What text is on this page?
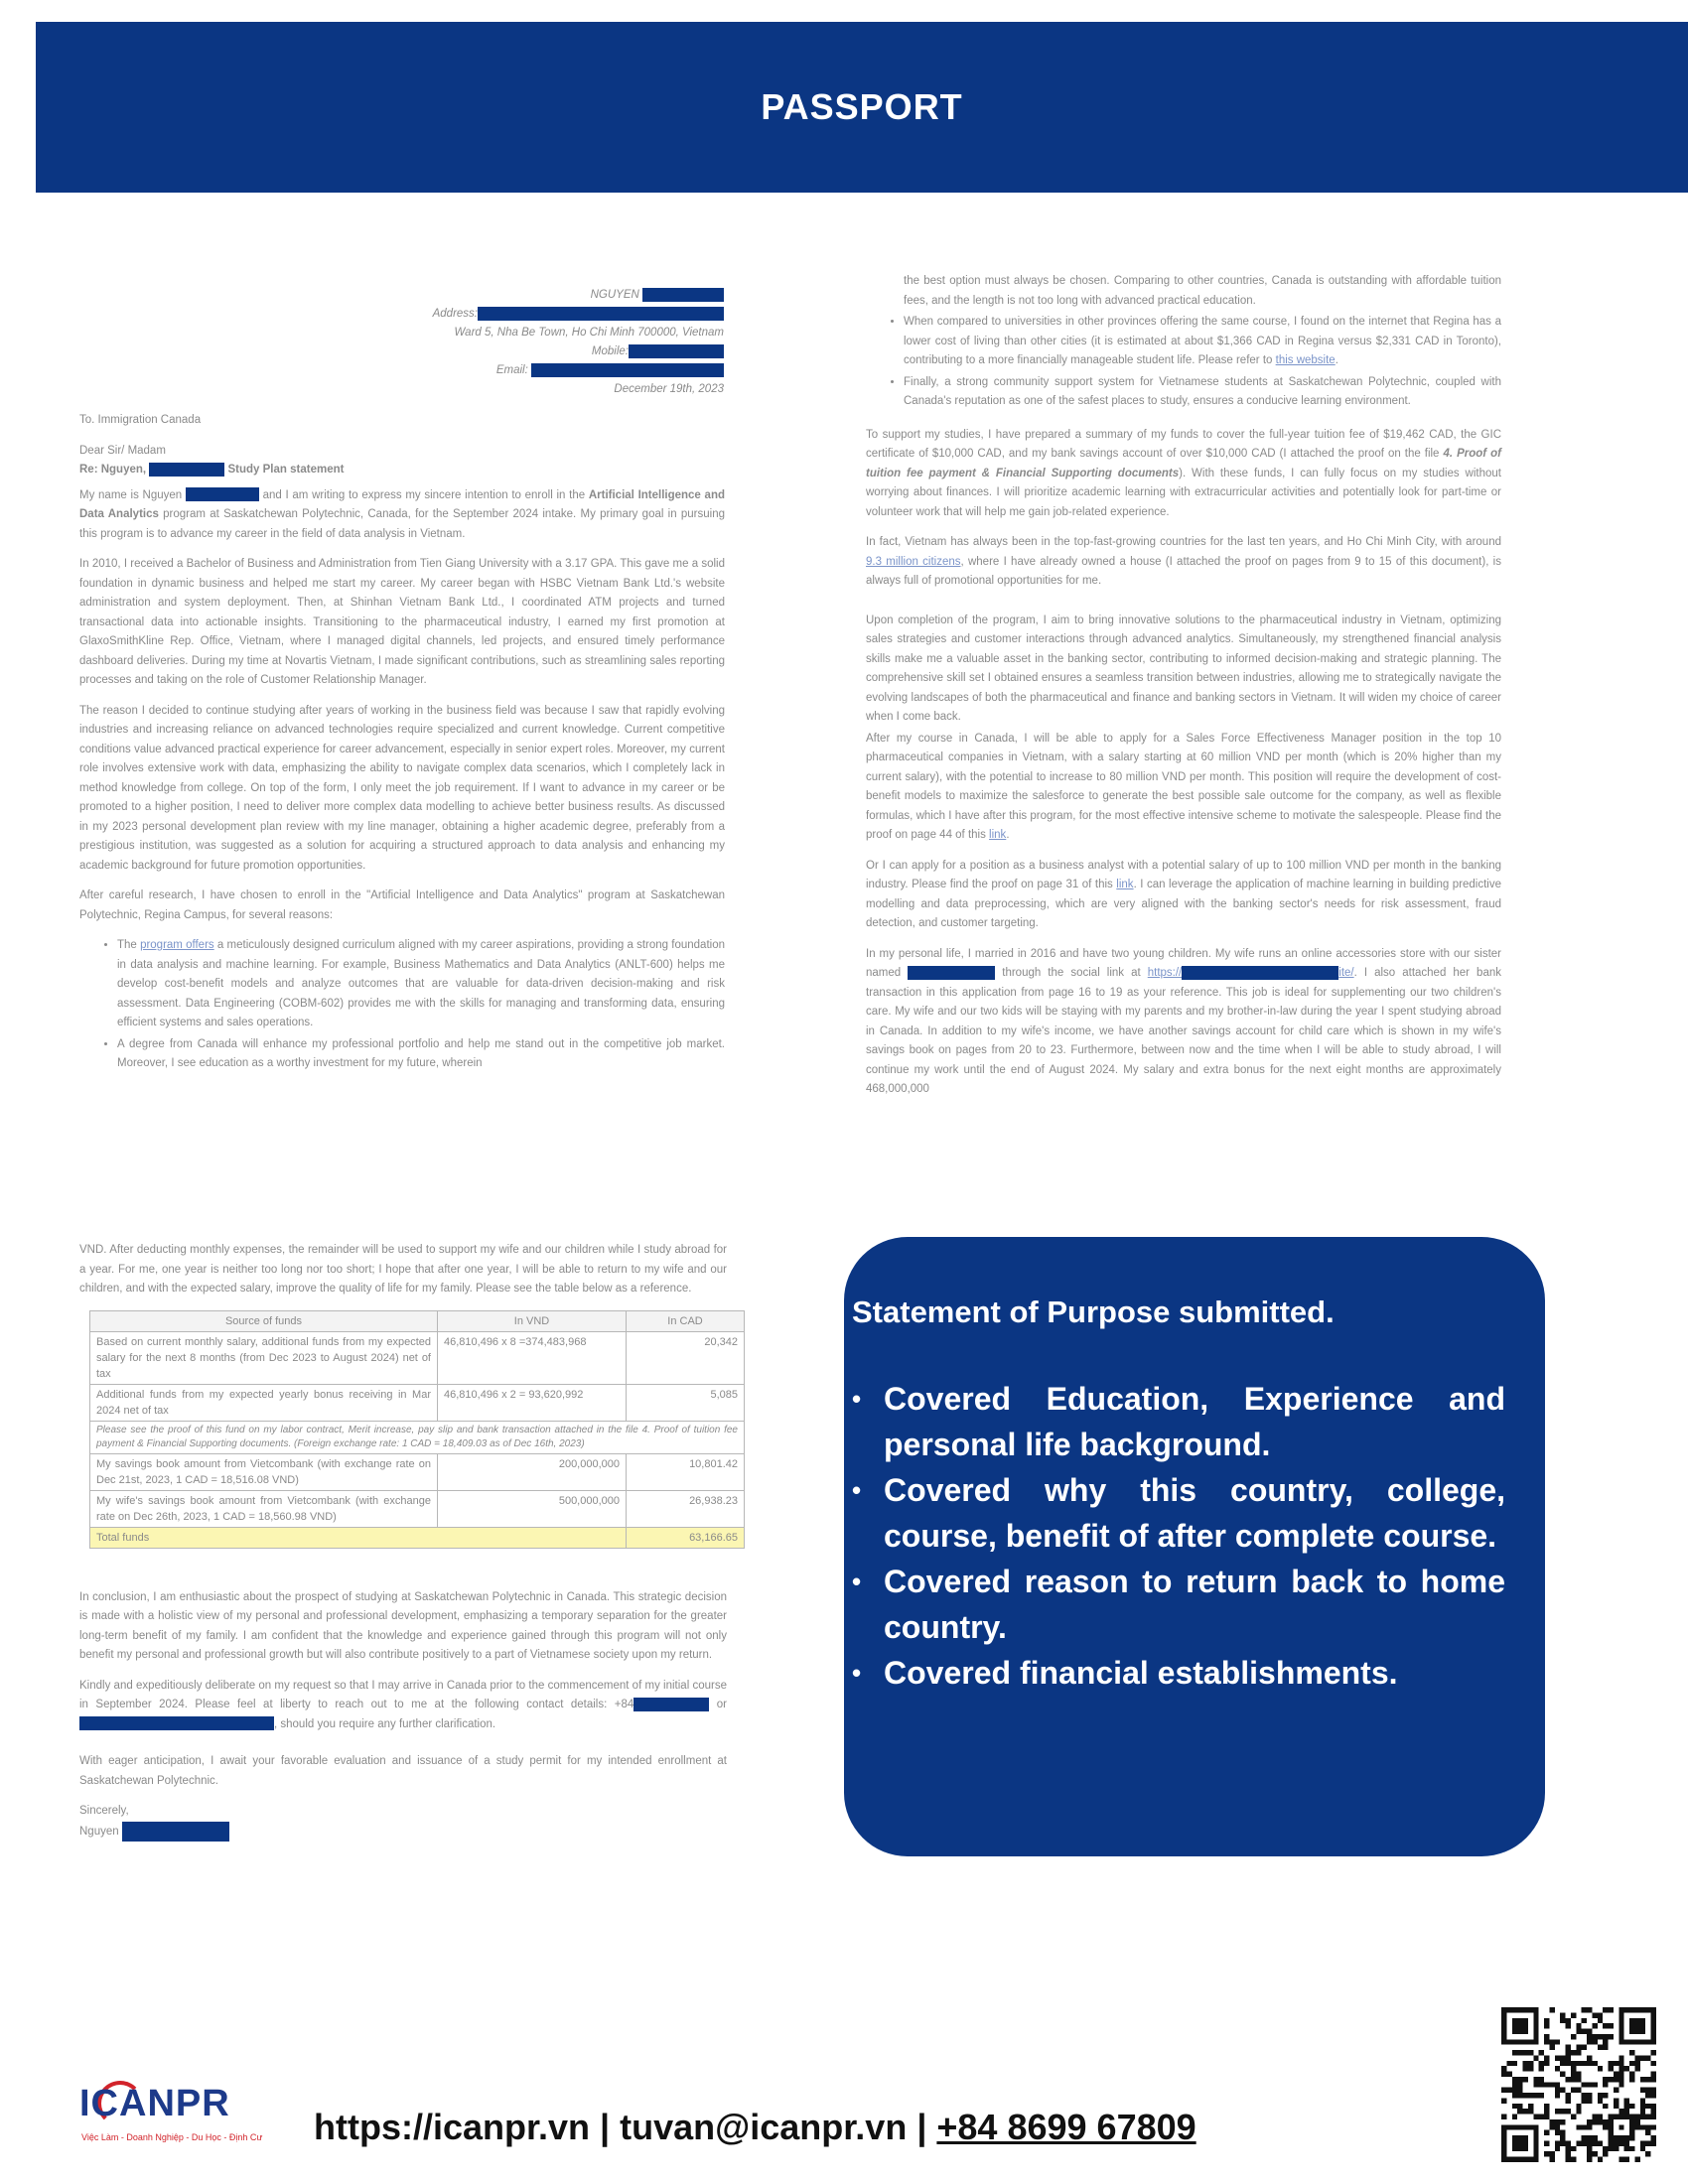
PASSPORT
NGUYEN
Address:
Ward 5, Nha Be Town, Ho Chi Minh 700000, Vietnam
Mobile:
Email:
December 19th, 2023

To. Immigration Canada

Dear Sir/ Madam
Re: Nguyen,	Study Plan statement

My name is Nguyen	and I am writing to express my sincere intention to enroll in the Artificial Intelligence and Data Analytics program at Saskatchewan Polytechnic, Canada, for the September 2024 intake. My primary goal in pursuing this program is to advance my career in the field of data analysis in Vietnam.

In 2010, I received a Bachelor of Business and Administration from Tien Giang University with a 3.17 GPA. This gave me a solid foundation in dynamic business and helped me start my career. My career began with HSBC Vietnam Bank Ltd.'s website administration and system deployment. Then, at Shinhan Vietnam Bank Ltd., I coordinated ATM projects and turned transactional data into actionable insights. Transitioning to the pharmaceutical industry, I earned my first promotion at GlaxoSmithKline Rep. Office, Vietnam, where I managed digital channels, led projects, and ensured timely performance dashboard deliveries. During my time at Novartis Vietnam, I made significant contributions, such as streamlining sales reporting processes and taking on the role of Customer Relationship Manager.

The reason I decided to continue studying after years of working in the business field was because I saw that rapidly evolving industries and increasing reliance on advanced technologies require specialized and current knowledge. Current competitive conditions value advanced practical experience for career advancement, especially in senior expert roles. Moreover, my current role involves extensive work with data, emphasizing the ability to navigate complex data scenarios, which I completely lack in method knowledge from college. On top of the form, I only meet the job requirement. If I want to advance in my career or be promoted to a higher position, I need to deliver more complex data modelling to achieve better business results. As discussed in my 2023 personal development plan review with my line manager, obtaining a higher academic degree, preferably from a prestigious institution, was suggested as a solution for acquiring a structured approach to data analysis and enhancing my academic background for future promotion opportunities.

After careful research, I have chosen to enroll in the "Artificial Intelligence and Data Analytics" program at Saskatchewan Polytechnic, Regina Campus, for several reasons:

• The program offers a meticulously designed curriculum aligned with my career aspirations, providing a strong foundation in data analysis and machine learning. For example, Business Mathematics and Data Analytics (ANLT-600) helps me develop cost-benefit models and analyze outcomes that are valuable for data-driven decision-making and risk assessment. Data Engineering (COBM-602) provides me with the skills for managing and transforming data, ensuring efficient systems and sales operations.
• A degree from Canada will enhance my professional portfolio and help me stand out in the competitive job market. Moreover, I see education as a worthy investment for my future, wherein
the best option must always be chosen. Comparing to other countries, Canada is outstanding with affordable tuition fees, and the length is not too long with advanced practical education.
• When compared to universities in other provinces offering the same course, I found on the internet that Regina has a lower cost of living than other cities (it is estimated at about $1,366 CAD in Regina versus $2,331 CAD in Toronto), contributing to a more financially manageable student life. Please refer to this website.
• Finally, a strong community support system for Vietnamese students at Saskatchewan Polytechnic, coupled with Canada's reputation as one of the safest places to study, ensures a conducive learning environment.

To support my studies, I have prepared a summary of my funds to cover the full-year tuition fee of $19,462 CAD, the GIC certificate of $10,000 CAD, and my bank savings account of over $10,000 CAD (I attached the proof on the file 4. Proof of tuition fee payment & Financial Supporting documents). With these funds, I can fully focus on my studies without worrying about finances. I will prioritize academic learning with extracurricular activities and potentially look for part-time or volunteer work that will help me gain job-related experience.

In fact, Vietnam has always been in the top-fast-growing countries for the last ten years, and Ho Chi Minh City, with around 9.3 million citizens, where I have already owned a house (I attached the proof on pages from 9 to 15 of this document), is always full of promotional opportunities for me.

Upon completion of the program, I aim to bring innovative solutions to the pharmaceutical industry in Vietnam, optimizing sales strategies and customer interactions through advanced analytics. Simultaneously, my strengthened financial analysis skills make me a valuable asset in the banking sector, contributing to informed decision-making and strategic planning. The comprehensive skill set I obtained ensures a seamless transition between industries, allowing me to strategically navigate the evolving landscapes of both the pharmaceutical and finance and banking sectors in Vietnam. It will widen my choice of career when I come back.

After my course in Canada, I will be able to apply for a Sales Force Effectiveness Manager position in the top 10 pharmaceutical companies in Vietnam, with a salary starting at 60 million VND per month (which is 20% higher than my current salary), with the potential to increase to 80 million VND per month. This position will require the development of cost-benefit models to maximize the salesforce to generate the best possible sale outcome for the company, as well as flexible formulas, which I have after this program, for the most effective intensive scheme to motivate the salespeople. Please find the proof on page 44 of this link.

Or I can apply for a position as a business analyst with a potential salary of up to 100 million VND per month in the banking industry. Please find the proof on page 31 of this link. I can leverage the application of machine learning in building predictive modelling and data preprocessing, which are very aligned with the banking sector's needs for risk assessment, fraud detection, and customer targeting.

In my personal life, I married in 2016 and have two young children. My wife runs an online accessories store with our sister named	through the social link at https://	ite/. I also attached her bank transaction in this application from page 16 to 19 as your reference. This job is ideal for supplementing our two children's care. My wife and our two kids will be staying with my parents and my brother-in-law during the year I spent studying abroad in Canada. In addition to my wife's income, we have another savings account for child care which is shown in my wife's savings book on pages from 20 to 23. Furthermore, between now and the time when I will be able to study abroad, I will continue my work until the end of August 2024. My salary and extra bonus for the next eight months are approximately 468,000,000

VND. After deducting monthly expenses, the remainder will be used to support my wife and our children while I study abroad for a year. For me, one year is neither too long nor too short; I hope that after one year, I will be able to return to my wife and our children, and with the expected salary, improve the quality of life for my family. Please see the table below as a reference.

Source of funds	In VND	In CAD
Based on current monthly salary, additional funds from my expected salary for the next 8 months (from Dec 2023 to August 2024) net of tax	46,810,496 x 8 =374,483,968	20,342
Additional funds from my expected yearly bonus receiving in Mar 2024 net of tax	46,810,496 x 2 = 93,620,992	5,085
Please see the proof of this fund on my labor contract, Merit increase, pay slip and bank transaction attached in the file 4. Proof of tuition fee payment & Financial Supporting documents. (Foreign exchange rate: 1 CAD = 18,409.03 as of Dec 16th, 2023)		
My savings book amount from Vietcombank (with exchange rate on Dec 21st, 2023, 1 CAD = 18,516.08 VND)	200,000,000	10,801.42
My wife's savings book amount from Vietcombank (with exchange rate on Dec 26th, 2023, 1 CAD = 18,560.98 VND)	500,000,000	26,938.23
Total funds		63,166.65

In conclusion, I am enthusiastic about the prospect of studying at Saskatchewan Polytechnic in Canada. This strategic decision is made with a holistic view of my personal and professional development, emphasizing a temporary separation for the greater long-term benefit of my family. I am confident that the knowledge and experience gained through this program will not only benefit my personal and professional growth but will also contribute positively to a part of Vietnamese society upon my return.

Kindly and expeditiously deliberate on my request so that I may arrive in Canada prior to the commencement of my initial course in September 2024. Please feel at liberty to reach out to me at the following contact details: +84	or , should you require any further clarification.

With eager anticipation, I await your favorable evaluation and issuance of a study permit for my intended enrollment at Saskatchewan Polytechnic.

Sincerely,
Nguyen

Statement of Purpose submitted.
• Covered Education, Experience and personal life background.
• Covered why this country, college, course, benefit of after complete course.
• Covered reason to return back to home country.
• Covered financial establishments.
ICANPR
Việc Làm - Doanh Nghiệp - Du Học - Định Cư https://icanpr.vn | tuvan@icanpr.vn | +84 8699 67809
